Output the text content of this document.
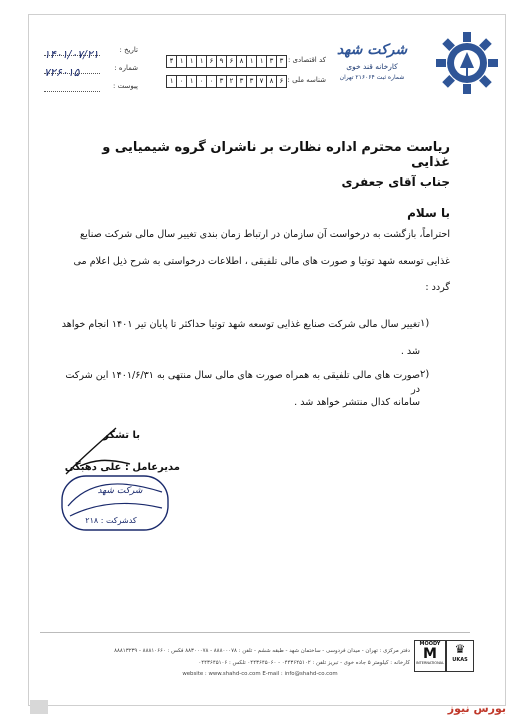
شرکت شهد
کارخانه قند خوی
شماره ثبت ۲۱۶۰۶۴ تهران
کد اقتصادی :
۴ ۱ ۱ ۱ ۶ ۹ ۶ ۸ ۱ ۱ ۳ ۳
شناسه ملی :
۱ ۰ ۱ ۰ ۰ ۳ ۲ ۳ ۳ ۷ ۸ ۶
تاریخ :
۱۴۰۱/۰۷/۲۱
شماره :
۷۲۶۰۱۵
پیوست :
ریاست محترم اداره نظارت بر ناشران گروه شیمیایی و غذایی
جناب آقای جعفری
با سلام
احتراماً، بازگشت به درخواست آن سازمان در ارتباط زمان بندی تغییر سال مالی شرکت صنایع
غذایی توسعه شهد توتیا و صورت های مالی تلفیقی ، اطلاعات درخواستی به شرح ذیل اعلام می
گردد :
۱)
تغییر سال مالی شرکت صنایع غذایی توسعه شهد توتیا حداکثر تا پایان تیر ۱۴۰۱ انجام خواهد
شد .
۲)
صورت های مالی تلفیقی به همراه صورت های مالی سال منتهی به ۱۴۰۱/۶/۳۱ این شرکت در
سامانه کدال منتشر خواهد شد .
با تشکر
مدیرعامل : علی دهبگی
شرکت شهد
کدشرکت : ۲۱۸
دفتر مرکزی : تهران - میدان فردوسی - ساختمان شهد - طبقه ششم - تلفن : ۸۸۸۰۰۰۷۸ - ۸۸۳۰۰۰۷۸ فکس : ۸۸۸۱۰۶۶۰ - ۸۸۸۱۳۲۳۹
کارخانه : کیلومتر ۵ جاده خوی - تبریز تلفن : ۰۴۴۳۶۴۵۱۰۲ - ۰۴۴۳۶۴۵۰۶۰ تلکس : ۰۴۴۳۶۴۵۱۰۶
website : www.shahd-co.com E-mail : info@shahd-co.com
MOODY
M
INTERNATIONAL
♛
UKAS
بورس نیوز
